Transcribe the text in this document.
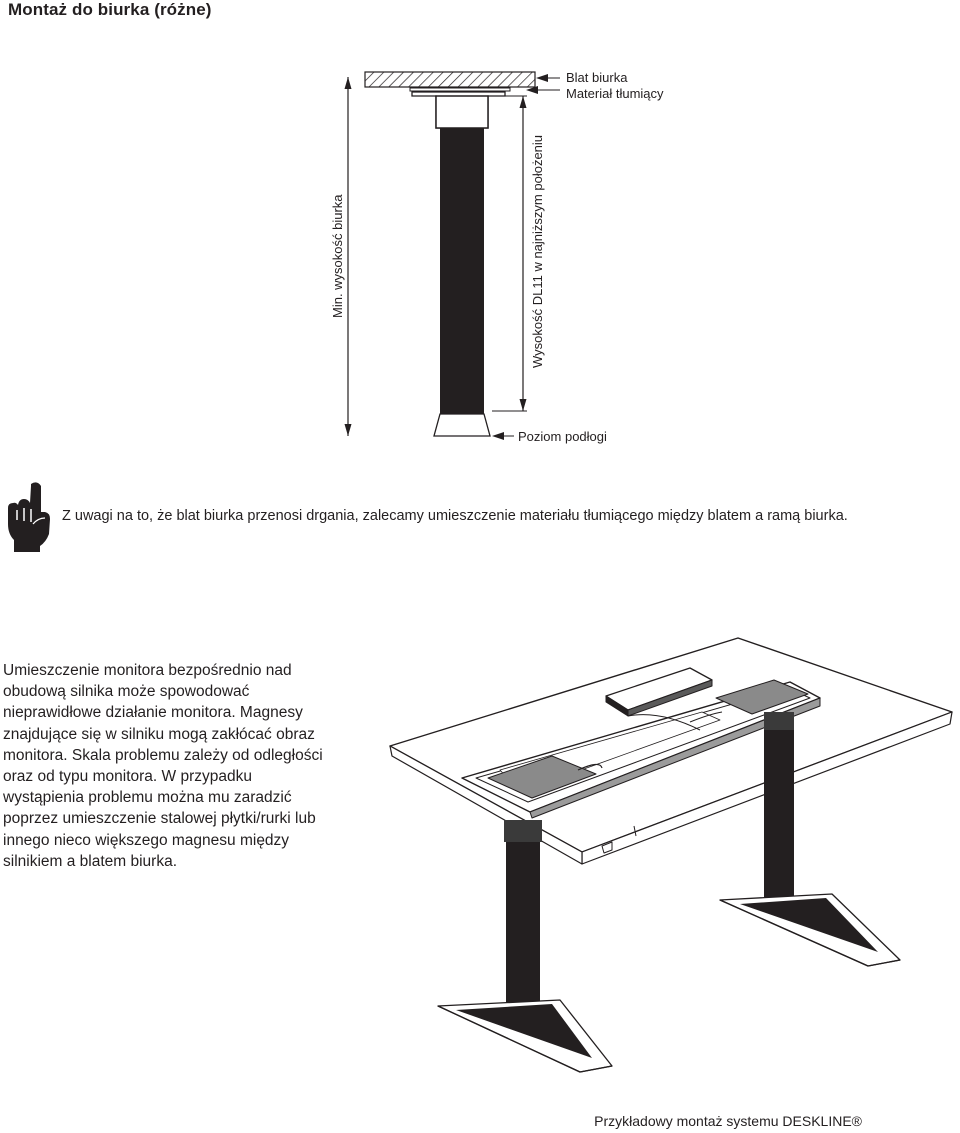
Montaż do biurka (różne)
Blat biurka
Materiał tłumiący
Min. wysokość biurka	Wysokość DL11 w najniższym położeniu
Poziom podłogi
Z uwagi na to, że blat biurka przenosi drgania, zalecamy umieszczenie materiału tłumiącego między blatem a ramą biurka.
Umieszczenie monitora bezpośrednio nad obudową silnika może spowodować nieprawidłowe działanie monitora. Magnesy znajdujące się w silniku mogą zakłócać obraz monitora. Skala problemu zależy od odległości oraz od typu monitora. W przypadku wystąpienia problemu można mu zaradzić poprzez umieszczenie stalowej płytki/rurki lub innego nieco większego magnesu między silnikiem a blatem biurka.
Przykładowy montaż systemu DESKLINE®
